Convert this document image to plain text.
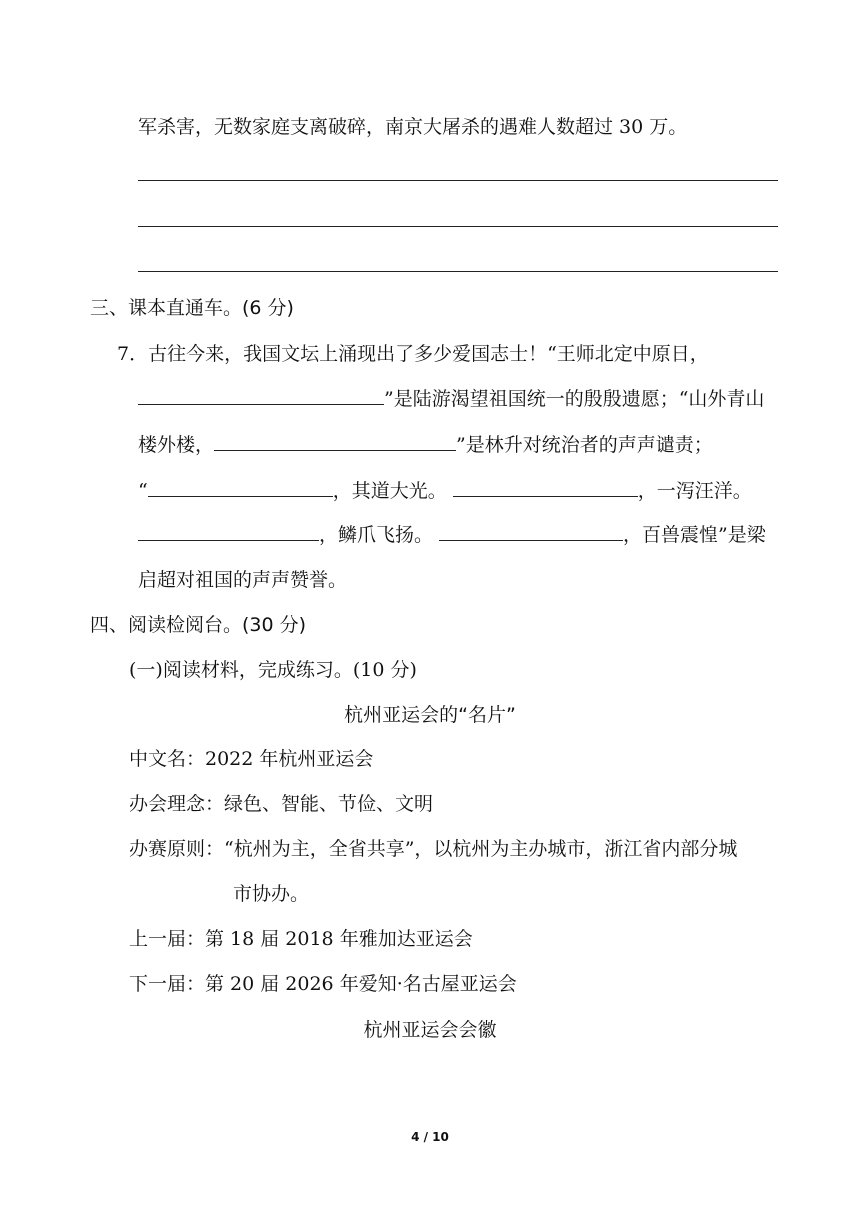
军杀害，无数家庭支离破碎，南京大屠杀的遇难人数超过 30 万。
三、课本直通车。(6 分)
7．古往今来，我国文坛上涌现出了多少爱国志士！“王师北定中原日，
”是陆游渴望祖国统一的殷殷遗愿；“山外青山
楼外楼，	”是林升对统治者的声声谴责；
“	，其道大光。	，一泻汪洋。
，鳞爪飞扬。	，百兽震惶”是梁
启超对祖国的声声赞誉。
四、阅读检阅台。(30 分)
(一)阅读材料，完成练习。(10 分)
杭州亚运会的“名片”
中文名：2022 年杭州亚运会
办会理念：绿色、智能、节俭、文明
办赛原则：“杭州为主，全省共享”，以杭州为主办城市，浙江省内部分城
市协办。
上一届：第 18 届 2018 年雅加达亚运会
下一届：第 20 届 2026 年爱知·名古屋亚运会
杭州亚运会会徽
4 / 10
